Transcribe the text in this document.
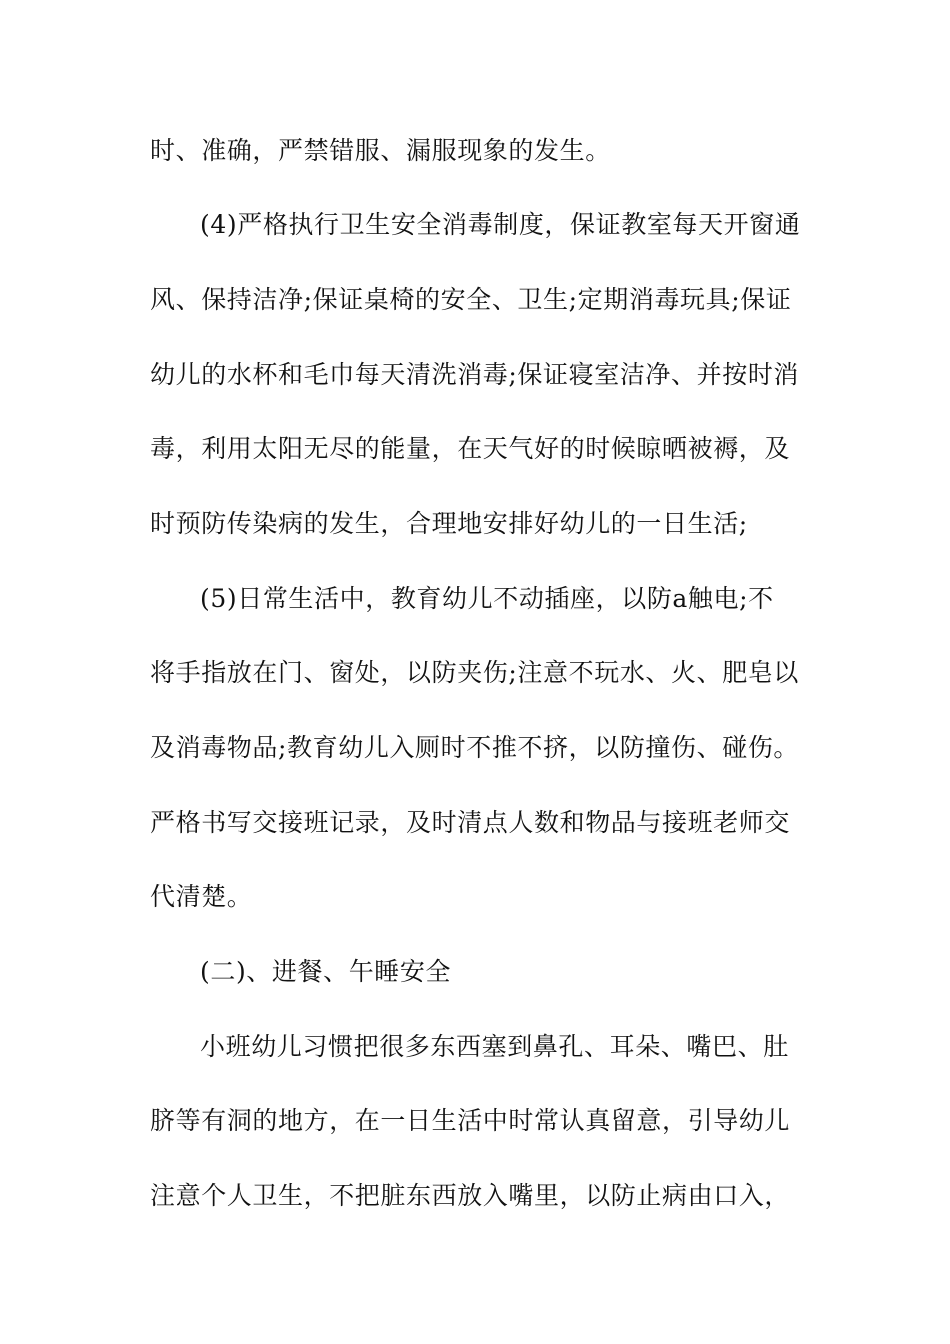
时、准确，严禁错服、漏服现象的发生。
(4)严格执行卫生安全消毒制度，保证教室每天开窗通
风、保持洁净;保证桌椅的安全、卫生;定期消毒玩具;保证
幼儿的水杯和毛巾每天清洗消毒;保证寝室洁净、并按时消
毒，利用太阳无尽的能量，在天气好的时候晾晒被褥，及
时预防传染病的发生，合理地安排好幼儿的一日生活;
(5)日常生活中，教育幼儿不动插座，以防a触电;不
将手指放在门、窗处，以防夹伤;注意不玩水、火、肥皂以
及消毒物品;教育幼儿入厕时不推不挤，以防撞伤、碰伤。
严格书写交接班记录，及时清点人数和物品与接班老师交
代清楚。
(二)、进餐、午睡安全
小班幼儿习惯把很多东西塞到鼻孔、耳朵、嘴巴、肚
脐等有洞的地方，在一日生活中时常认真留意，引导幼儿
注意个人卫生，不把脏东西放入嘴里，以防止病由口入，
